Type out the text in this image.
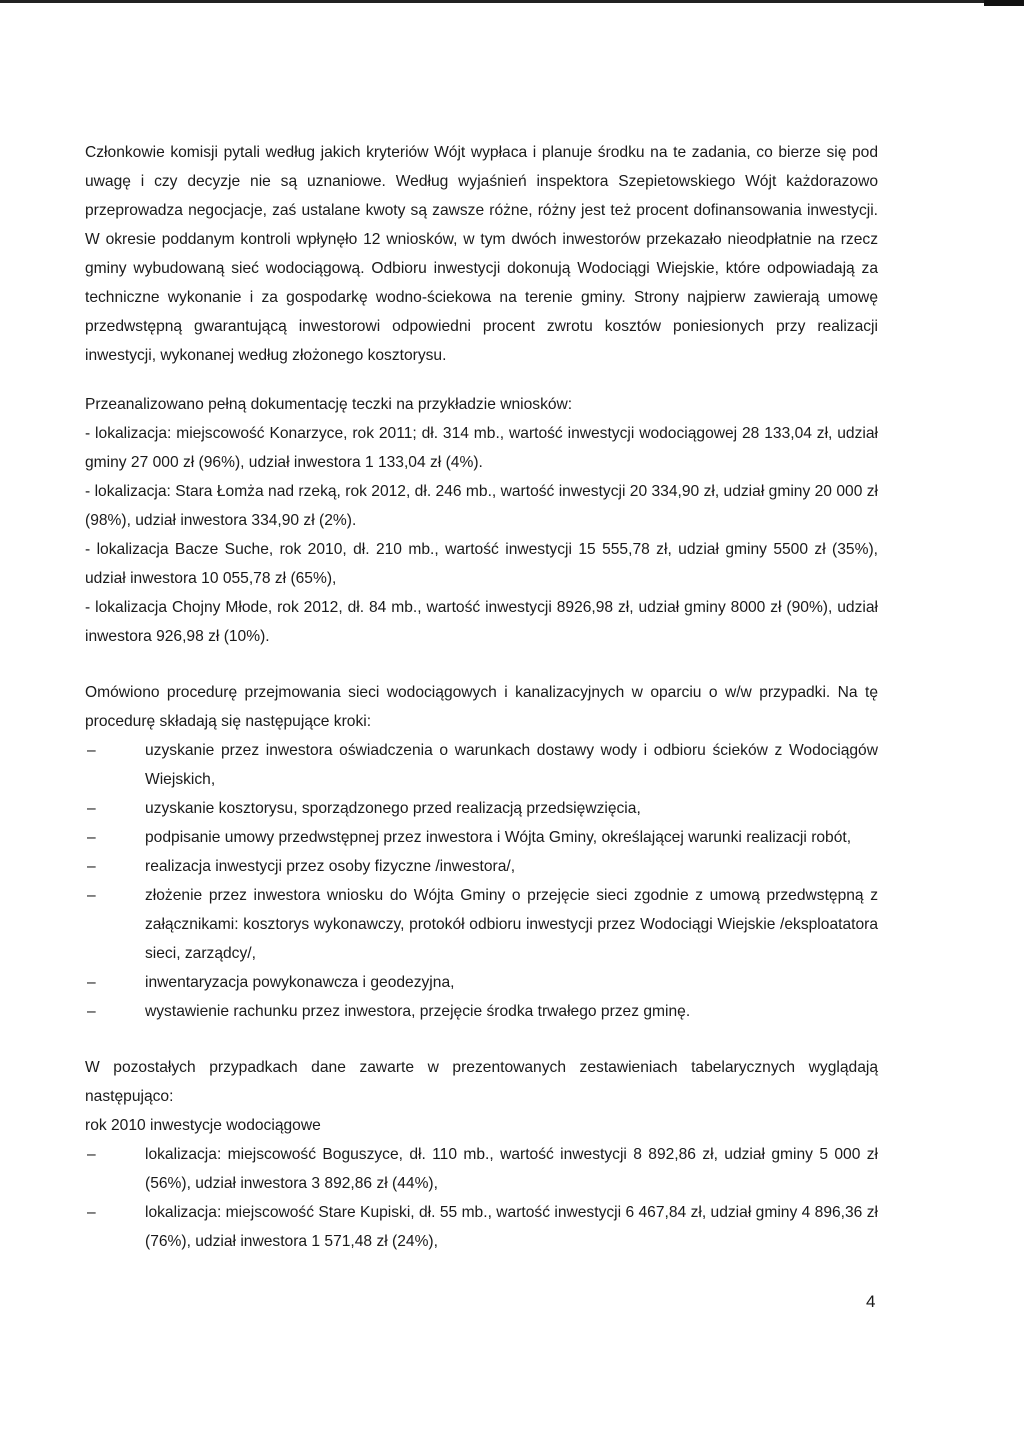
Członkowie komisji pytali według jakich kryteriów Wójt wypłaca i planuje środku na te zadania, co bierze się pod uwagę i czy decyzje nie są uznaniowe. Według wyjaśnień inspektora Szepietowskiego Wójt każdorazowo przeprowadza negocjacje, zaś ustalane kwoty są zawsze różne, różny jest też procent dofinansowania inwestycji. W okresie poddanym kontroli wpłynęło 12 wniosków, w tym dwóch inwestorów przekazało nieodpłatnie na rzecz gminy wybudowaną sieć wodociągową. Odbioru inwestycji dokonują Wodociągi Wiejskie, które odpowiadają za techniczne wykonanie i za gospodarkę wodno-ściekowa na terenie gminy. Strony najpierw zawierają umowę przedwstępną gwarantującą inwestorowi odpowiedni procent zwrotu kosztów poniesionych przy realizacji inwestycji, wykonanej według złożonego kosztorysu.

Przeanalizowano pełną dokumentację teczki na przykładzie wniosków:

- lokalizacja: miejscowość Konarzyce, rok 2011; dł. 314 mb., wartość inwestycji wodociągowej 28 133,04 zł, udział gminy 27 000 zł (96%), udział inwestora 1 133,04 zł (4%).

- lokalizacja: Stara Łomża nad rzeką, rok 2012, dł. 246 mb., wartość inwestycji 20 334,90 zł, udział gminy 20 000 zł (98%), udział inwestora 334,90 zł (2%).

- lokalizacja Bacze Suche, rok 2010, dł. 210 mb., wartość inwestycji 15 555,78 zł, udział gminy 5500 zł (35%), udział inwestora 10 055,78 zł (65%),

- lokalizacja Chojny Młode, rok 2012, dł. 84 mb., wartość inwestycji 8926,98 zł, udział gminy 8000 zł (90%), udział inwestora 926,98 zł (10%).

Omówiono procedurę przejmowania sieci wodociągowych i kanalizacyjnych w oparciu o w/w przypadki. Na tę procedurę składają się następujące kroki:

– uzyskanie przez inwestora oświadczenia o warunkach dostawy wody i odbioru ścieków z Wodociągów Wiejskich,
– uzyskanie kosztorysu, sporządzonego przed realizacją przedsięwzięcia,
– podpisanie umowy przedwstępnej przez inwestora i Wójta Gminy, określającej warunki realizacji robót,
– realizacja inwestycji przez osoby fizyczne /inwestora/,
– złożenie przez inwestora wniosku do Wójta Gminy o przejęcie sieci zgodnie z umową przedwstępną z załącznikami: kosztorys wykonawczy, protokół odbioru inwestycji przez Wodociągi Wiejskie /eksploatatora sieci, zarządcy/,
– inwentaryzacja powykonawcza i geodezyjna,
– wystawienie rachunku przez inwestora, przejęcie środka trwałego przez gminę.

W pozostałych przypadkach dane zawarte w prezentowanych zestawieniach tabelarycznych wyglądają następująco:

rok 2010 inwestycje wodociągowe

– lokalizacja: miejscowość Boguszyce, dł. 110 mb., wartość inwestycji 8 892,86 zł, udział gminy 5 000 zł (56%), udział inwestora 3 892,86 zł (44%),
– lokalizacja: miejscowość Stare Kupiski, dł. 55 mb., wartość inwestycji 6 467,84 zł, udział gminy 4 896,36 zł (76%), udział inwestora 1 571,48 zł (24%),
4
